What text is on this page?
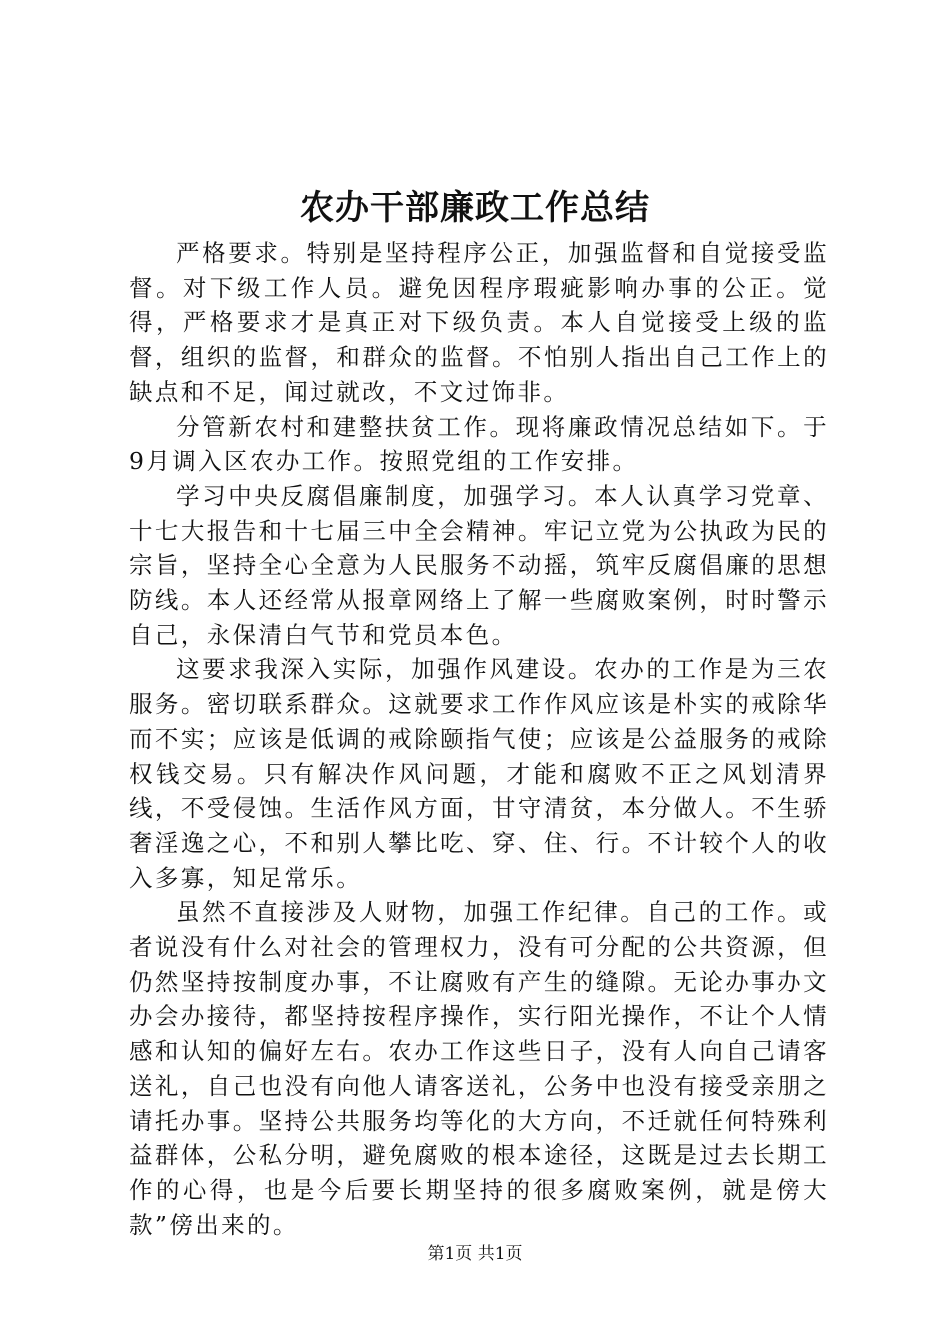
农办干部廉政工作总结

严格要求。特别是坚持程序公正，加强监督和自觉接受监督。对下级工作人员。避免因程序瑕疵影响办事的公正。觉得，严格要求才是真正对下级负责。本人自觉接受上级的监督，组织的监督，和群众的监督。不怕别人指出自己工作上的缺点和不足，闻过就改，不文过饰非。

分管新农村和建整扶贫工作。现将廉政情况总结如下。于9月调入区农办工作。按照党组的工作安排。

学习中央反腐倡廉制度，加强学习。本人认真学习党章、十七大报告和十七届三中全会精神。牢记立党为公执政为民的宗旨，坚持全心全意为人民服务不动摇，筑牢反腐倡廉的思想防线。本人还经常从报章网络上了解一些腐败案例，时时警示自己，永保清白气节和党员本色。

这要求我深入实际，加强作风建设。农办的工作是为三农服务。密切联系群众。这就要求工作作风应该是朴实的戒除华而不实；应该是低调的戒除颐指气使；应该是公益服务的戒除权钱交易。只有解决作风问题，才能和腐败不正之风划清界线，不受侵蚀。生活作风方面，甘守清贫，本分做人。不生骄奢淫逸之心，不和别人攀比吃、穿、住、行。不计较个人的收入多寡，知足常乐。

虽然不直接涉及人财物，加强工作纪律。自己的工作。或者说没有什么对社会的管理权力，没有可分配的公共资源，但仍然坚持按制度办事，不让腐败有产生的缝隙。无论办事办文办会办接待，都坚持按程序操作，实行阳光操作，不让个人情感和认知的偏好左右。农办工作这些日子，没有人向自己请客送礼，自己也没有向他人请客送礼，公务中也没有接受亲朋之请托办事。坚持公共服务均等化的大方向，不迁就任何特殊利益群体，公私分明，避免腐败的根本途径，这既是过去长期工作的心得，也是今后要长期坚持的很多腐败案例，就是傍大款”傍出来的。

第1页 共1页
